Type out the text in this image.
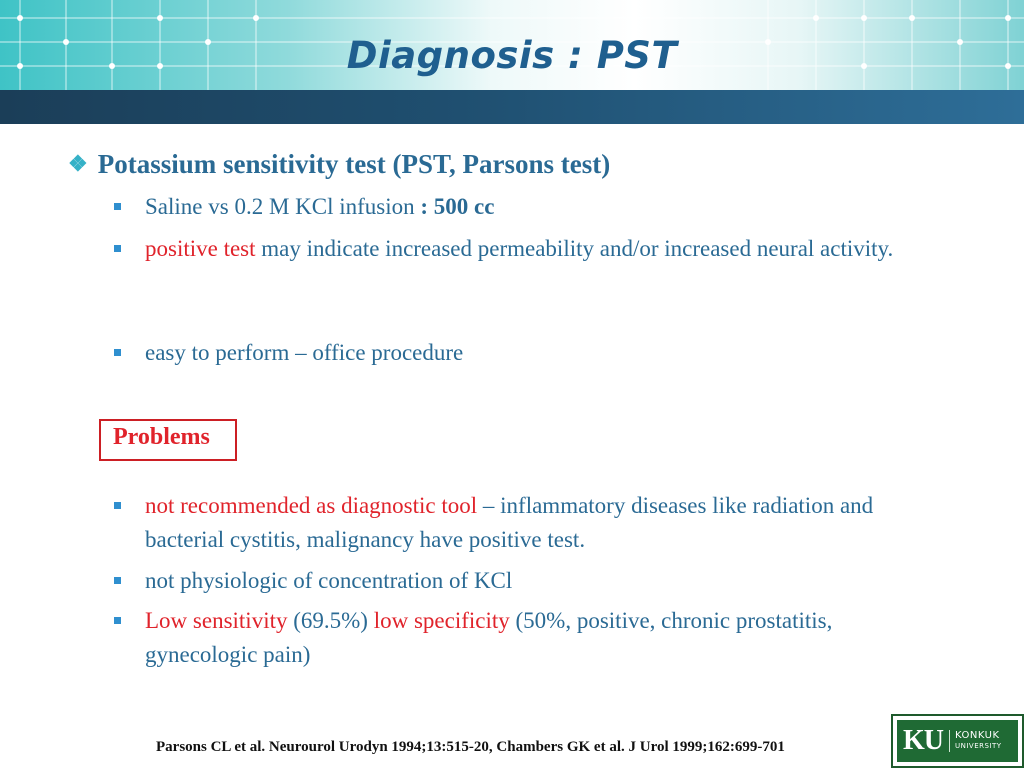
Diagnosis : PST
❖ Potassium sensitivity test (PST, Parsons test)
Saline vs 0.2 M KCl infusion : 500 cc
positive test may indicate increased permeability and/or increased neural activity.
easy to perform – office procedure
Problems
not recommended as diagnostic tool – inflammatory diseases like radiation and bacterial cystitis, malignancy have positive test.
not physiologic of concentration of KCl
Low sensitivity (69.5%) low specificity (50%, positive, chronic prostatitis, gynecologic pain)
Parsons CL et al. Neurourol Urodyn 1994;13:515-20, Chambers GK et al. J Urol 1999;162:699-701	KU KONKUK
UNIVERSITY
